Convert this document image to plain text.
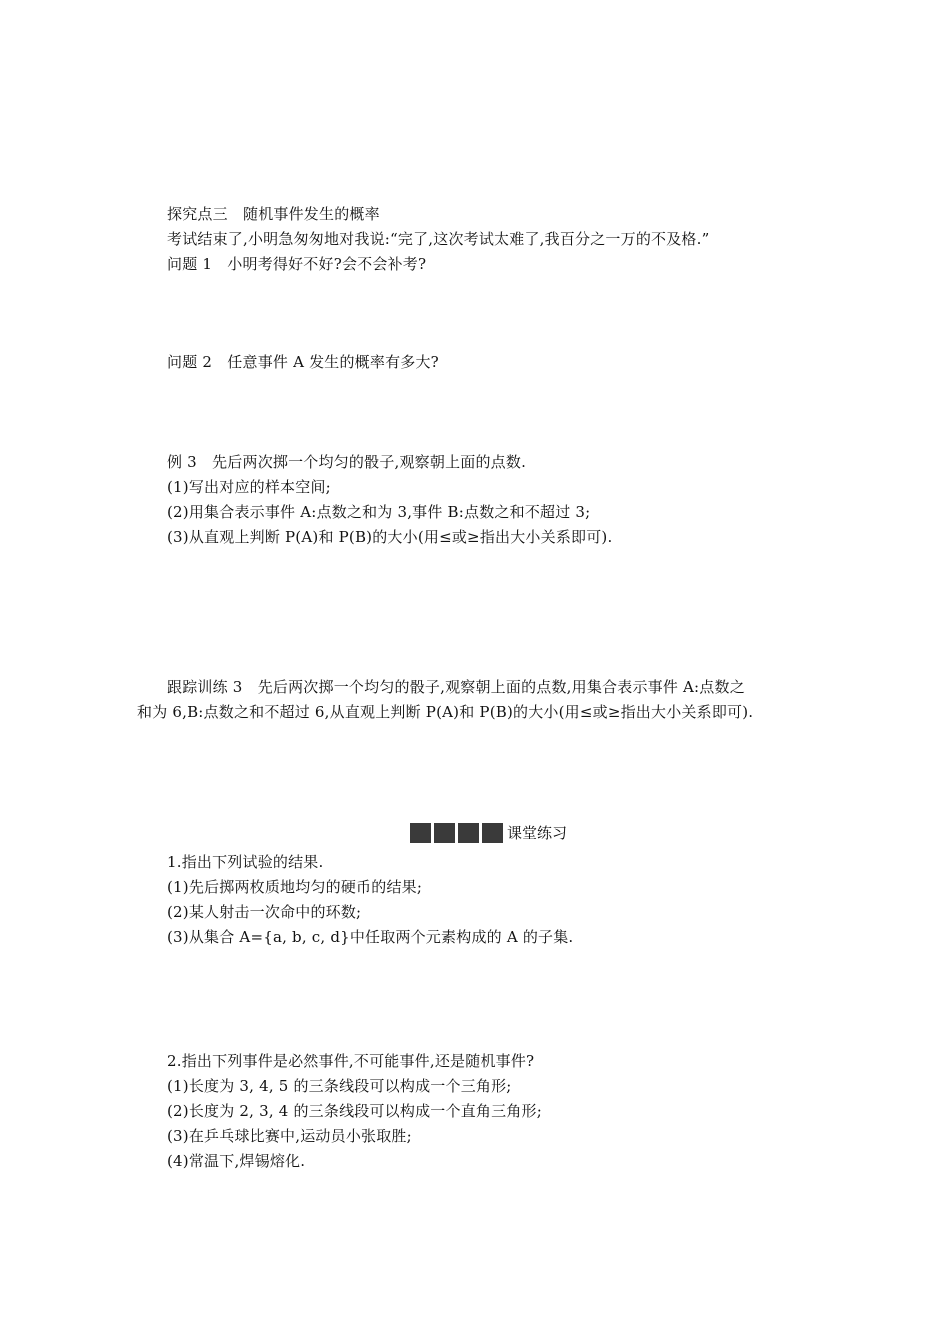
探究点三　随机事件发生的概率
考试结束了,小明急匆匆地对我说:“完了,这次考试太难了,我百分之一万的不及格.”
问题 1　小明考得好不好?会不会补考?
问题 2　任意事件 A 发生的概率有多大?
例 3　先后两次掷一个均匀的骰子,观察朝上面的点数.
(1)写出对应的样本空间;
(2)用集合表示事件 A:点数之和为 3,事件 B:点数之和不超过 3;
(3)从直观上判断 P(A)和 P(B)的大小(用≤或≥指出大小关系即可).
跟踪训练 3　先后两次掷一个均匀的骰子,观察朝上面的点数,用集合表示事件 A:点数之
和为 6,B:点数之和不超过 6,从直观上判断 P(A)和 P(B)的大小(用≤或≥指出大小关系即可).
课堂练习
1.指出下列试验的结果.
(1)先后掷两枚质地均匀的硬币的结果;
(2)某人射击一次命中的环数;
(3)从集合 A={a, b, c, d}中任取两个元素构成的 A 的子集.
2.指出下列事件是必然事件,不可能事件,还是随机事件?
(1)长度为 3, 4, 5 的三条线段可以构成一个三角形;
(2)长度为 2, 3, 4 的三条线段可以构成一个直角三角形;
(3)在乒乓球比赛中,运动员小张取胜;
(4)常温下,焊锡熔化.
